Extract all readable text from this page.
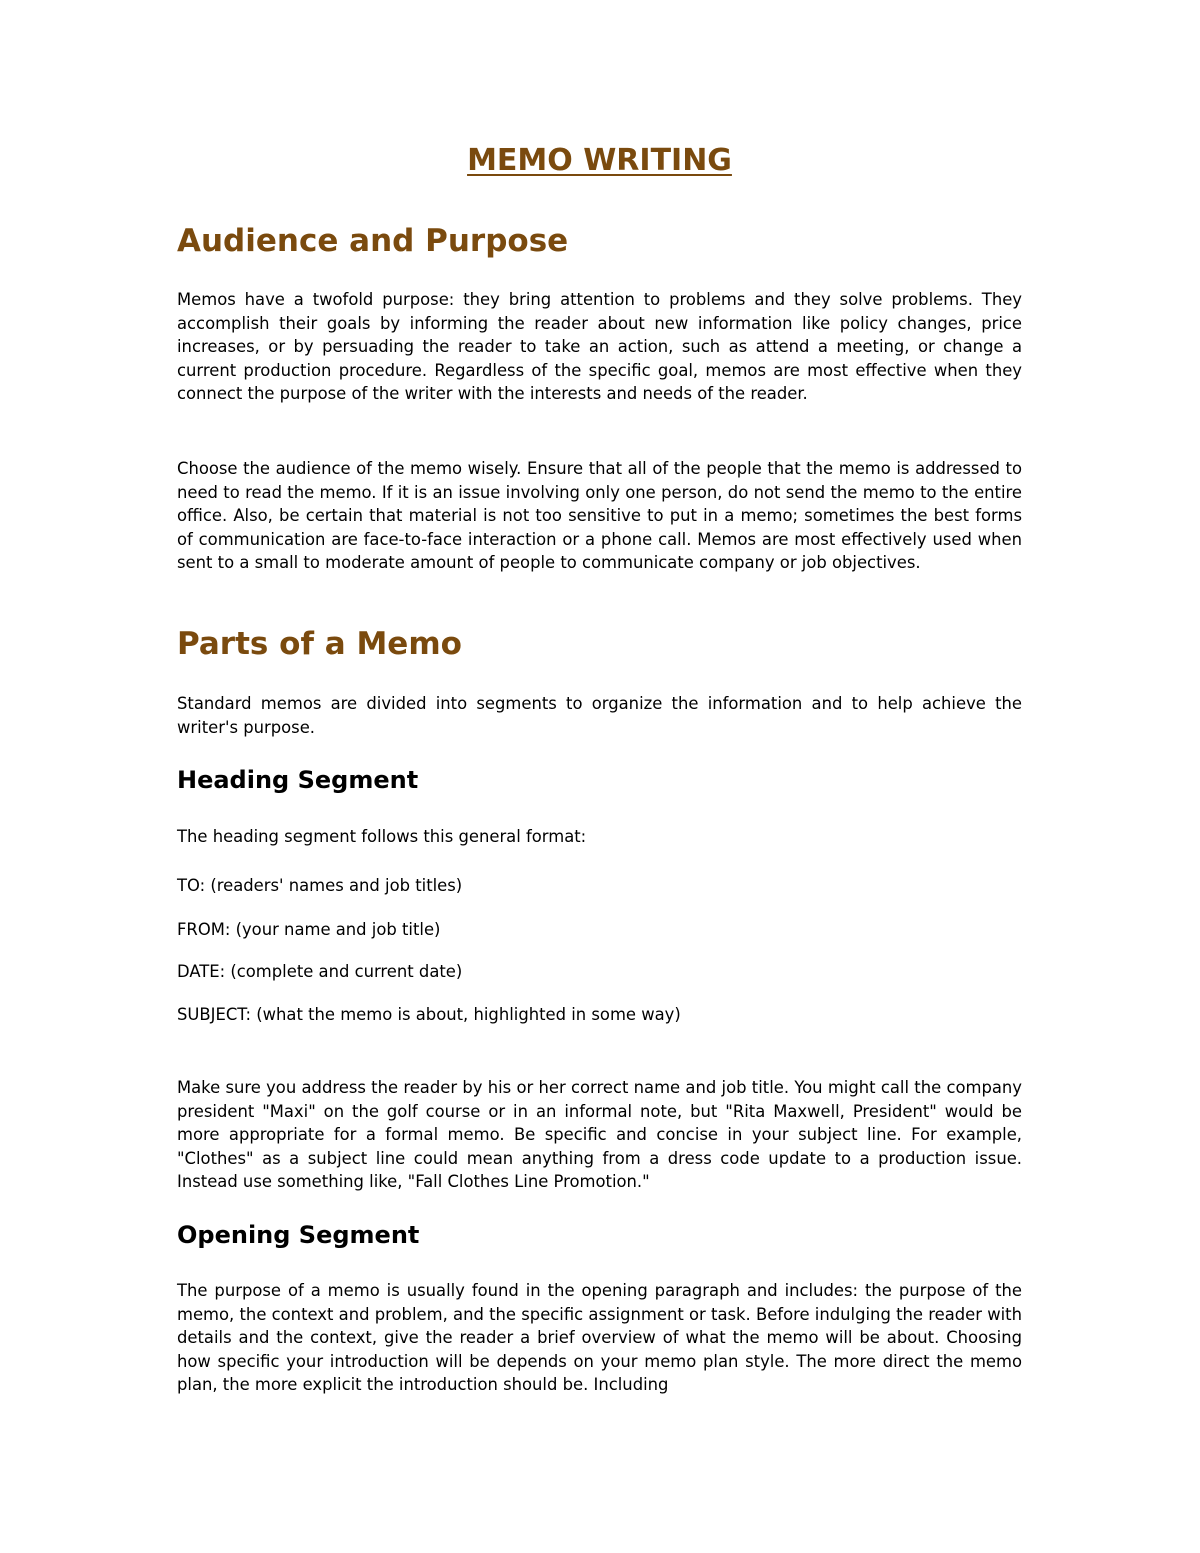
MEMO WRITING
Audience and Purpose

Memos have a twofold purpose: they bring attention to problems and they solve problems. They accomplish their goals by informing the reader about new information like policy changes, price increases, or by persuading the reader to take an action, such as attend a meeting, or change a current production procedure. Regardless of the specific goal, memos are most effective when they connect the purpose of the writer with the interests and needs of the reader.

Choose the audience of the memo wisely. Ensure that all of the people that the memo is addressed to need to read the memo. If it is an issue involving only one person, do not send the memo to the entire office. Also, be certain that material is not too sensitive to put in a memo; sometimes the best forms of communication are face-to-face interaction or a phone call. Memos are most effectively used when sent to a small to moderate amount of people to communicate company or job objectives.

Parts of a Memo

Standard memos are divided into segments to organize the information and to help achieve the writer's purpose.

Heading Segment

The heading segment follows this general format:

TO: (readers' names and job titles)

FROM: (your name and job title)

DATE: (complete and current date)

SUBJECT: (what the memo is about, highlighted in some way)

Make sure you address the reader by his or her correct name and job title. You might call the company president "Maxi" on the golf course or in an informal note, but "Rita Maxwell, President" would be more appropriate for a formal memo. Be specific and concise in your subject line. For example, "Clothes" as a subject line could mean anything from a dress code update to a production issue. Instead use something like, "Fall Clothes Line Promotion."

Opening Segment

The purpose of a memo is usually found in the opening paragraph and includes: the purpose of the memo, the context and problem, and the specific assignment or task. Before indulging the reader with details and the context, give the reader a brief overview of what the memo will be about. Choosing how specific your introduction will be depends on your memo plan style. The more direct the memo plan, the more explicit the introduction should be. Including
